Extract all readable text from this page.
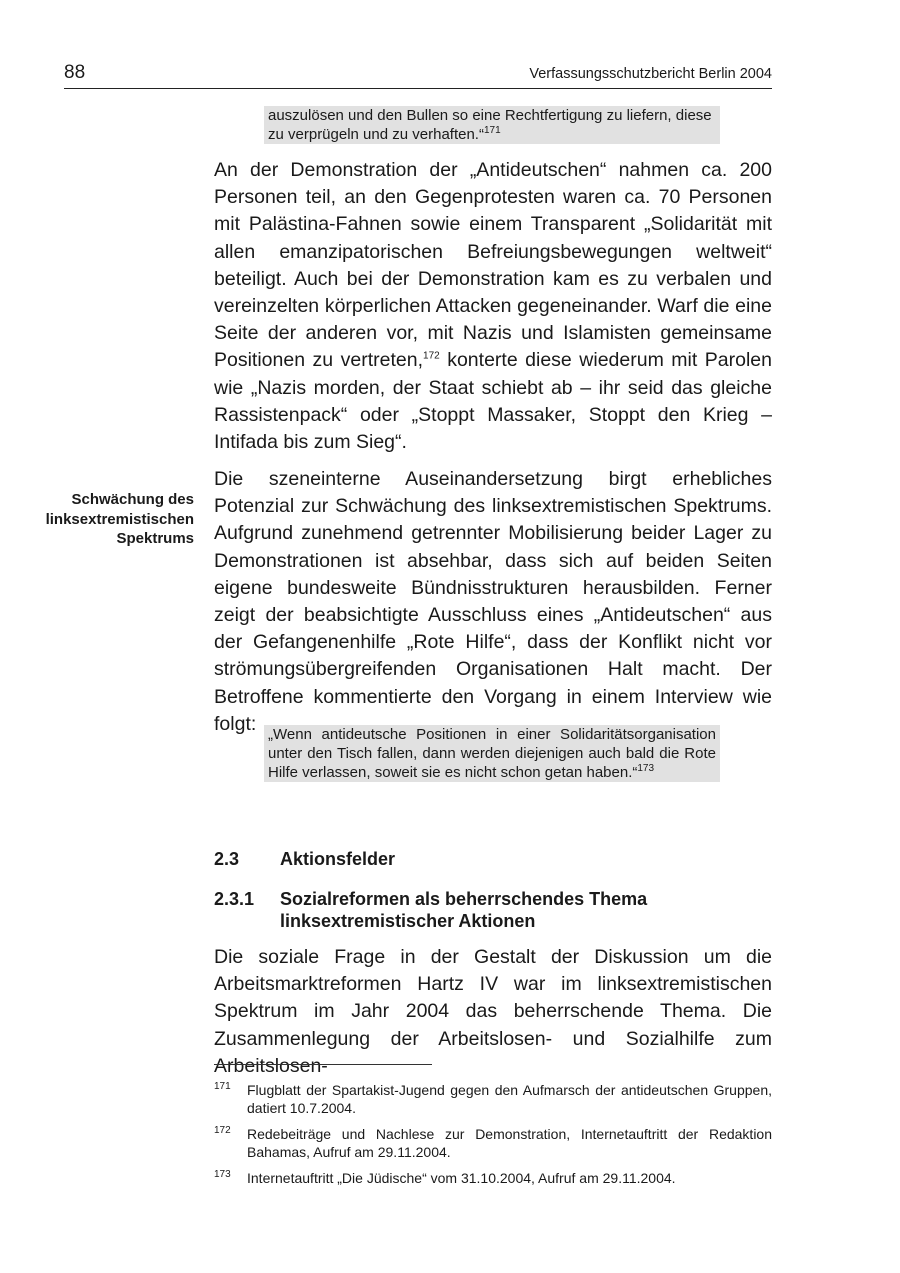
88	Verfassungsschutzbericht Berlin 2004
auszulösen und den Bullen so eine Rechtfertigung zu liefern, diese zu verprügeln und zu verhaften.“$^{171}$

An der Demonstration der „Antideutschen“ nahmen ca. 200 Personen teil, an den Gegenprotesten waren ca. 70 Personen mit Palästina-Fahnen sowie einem Transparent „Solidarität mit allen emanzipatorischen Befreiungsbewegungen weltweit“ beteiligt. Auch bei der Demonstration kam es zu verbalen und vereinzelten körperlichen Attacken gegeneinander. Warf die eine Seite der anderen vor, mit Nazis und Islamisten gemeinsame Positionen zu vertreten,$^{172}$ konterte diese wiederum mit Parolen wie „Nazis morden, der Staat schiebt ab – ihr seid das gleiche Rassistenpack“ oder „Stoppt Massaker, Stoppt den Krieg – Intifada bis zum Sieg“.

Schwächung des
linksextremistischen
Spektrums

Die szeneinterne Auseinandersetzung birgt erhebliches Potenzial zur Schwächung des linksextremistischen Spektrums. Aufgrund zunehmend getrennter Mobilisierung beider Lager zu Demonstrationen ist absehbar, dass sich auf beiden Seiten eigene bundesweite Bündnisstrukturen herausbilden. Ferner zeigt der beabsichtigte Ausschluss eines „Antideutschen“ aus der Gefangenenhilfe „Rote Hilfe“, dass der Konflikt nicht vor strömungsübergreifenden Organisationen Halt macht. Der Betroffene kommentierte den Vorgang in einem Interview wie folgt: „Wenn antideutsche Positionen in einer Solidaritätsorganisation unter den Tisch fallen, dann werden diejenigen auch bald die Rote Hilfe verlassen, soweit sie es nicht schon getan haben.“$^{173}$
2.3 Aktionsfelder
2.3.1 Sozialreformen als beherrschendes Thema
linksextremistischer Aktionen

Die soziale Frage in der Gestalt der Diskussion um die Arbeitsmarktreformen Hartz IV war im linksextremistischen Spektrum im Jahr 2004 das beherrschende Thema. Die Zusammenlegung der Arbeitslosen- und Sozialhilfe zum Arbeitslosen-

171 Flugblatt der Spartakist-Jugend gegen den Aufmarsch der antideutschen Gruppen, datiert 10.7.2004.
172 Redebeiträge und Nachlese zur Demonstration, Internetauftritt der Redaktion Bahamas, Aufruf am 29.11.2004.
173 Internetauftritt „Die Jüdische“ vom 31.10.2004, Aufruf am 29.11.2004.
